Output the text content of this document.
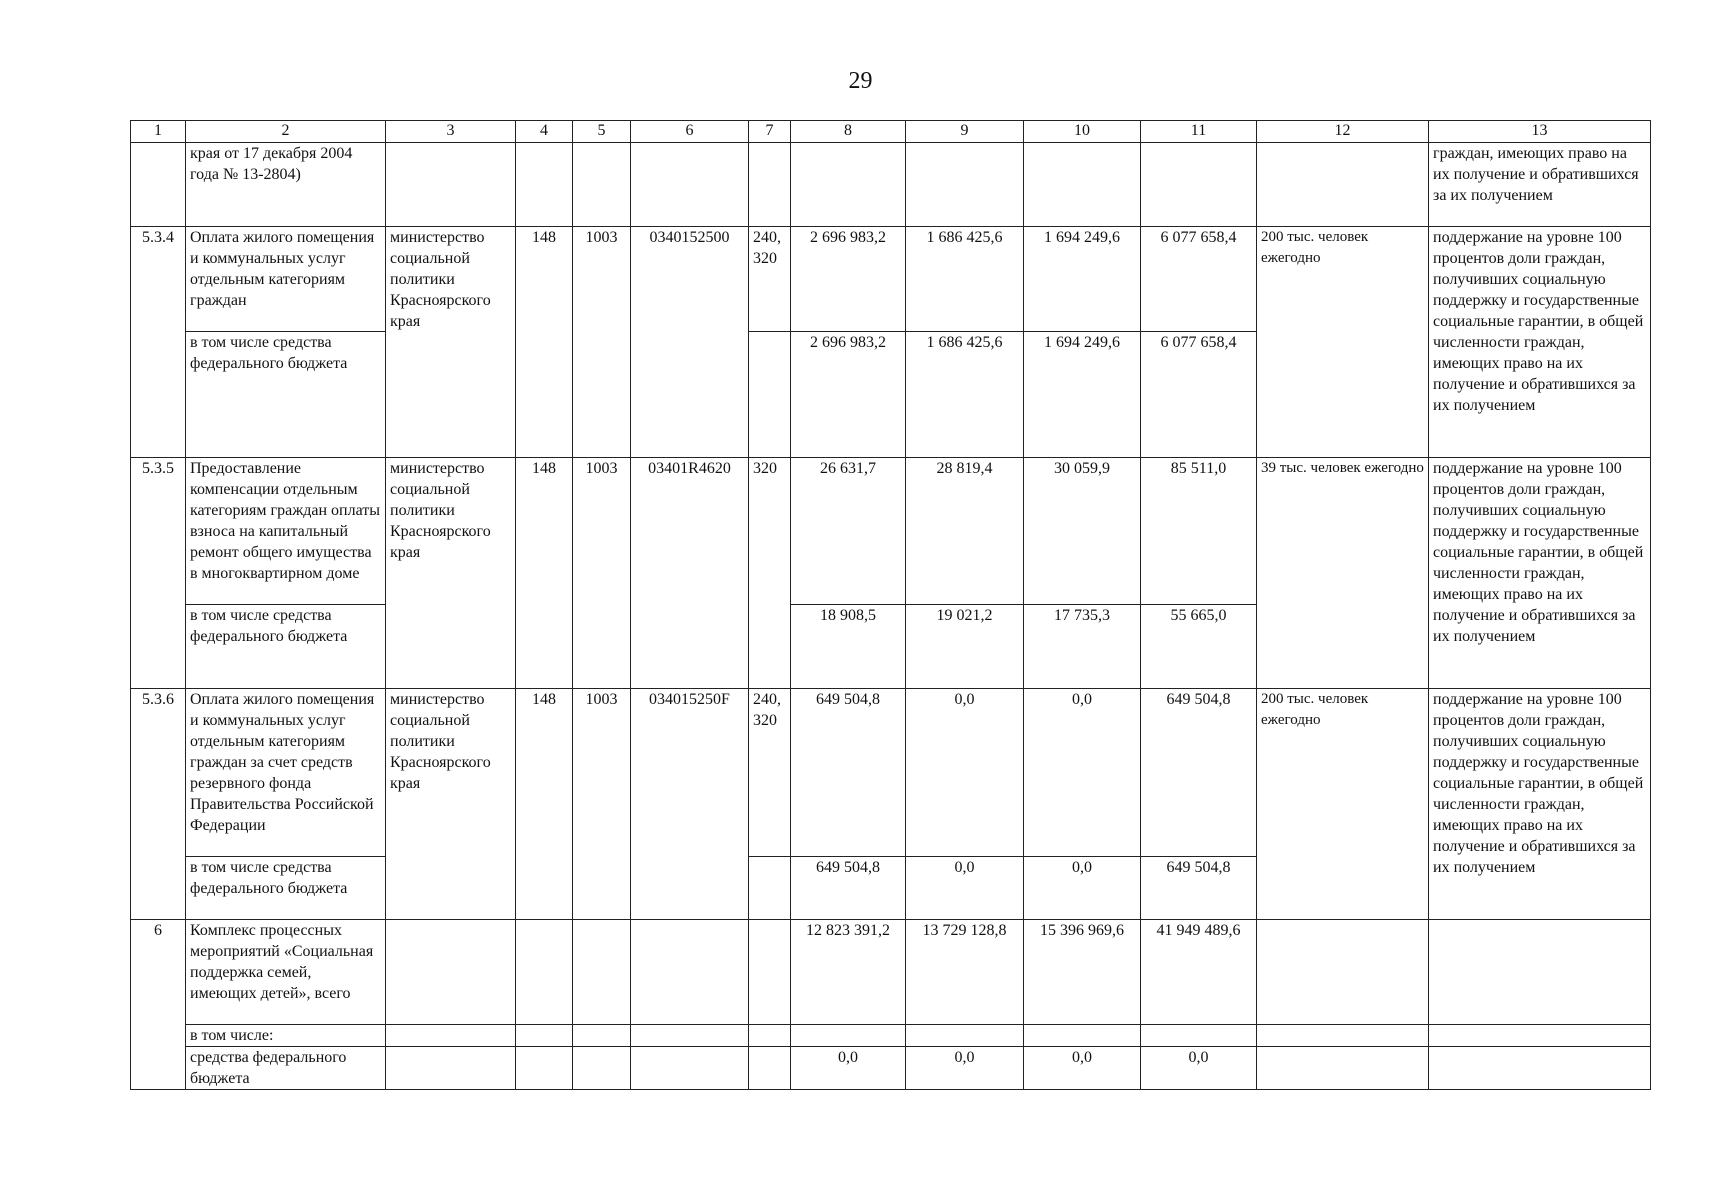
29
1	2	3	4	5	6	7	8	9	10	11	12	13
	края от 17 декабря 2004 года № 13-2804)											граждан, имеющих право на их получение и обратившихся за их получением
5.3.4	Оплата жилого помещения и коммунальных услуг отдельным категориям граждан	министерство социальной политики Красноярского края	148	1003	0340152500	240, 320	2 696 983,2	1 686 425,6	1 694 249,6	6 077 658,4	200 тыс. человек ежегодно	поддержание на уровне 100 процентов доли граждан, получивших социальную поддержку и государственные социальные гарантии, в общей численности граждан, имеющих право на их получение и обратившихся за их получением
	в том числе средства федерального бюджета						2 696 983,2	1 686 425,6	1 694 249,6	6 077 658,4		
5.3.5	Предоставление компенсации отдельным категориям граждан оплаты взноса на капитальный ремонт общего имущества в многоквартирном доме	министерство социальной политики Красноярского края	148	1003	03401R4620	320	26 631,7	28 819,4	30 059,9	85 511,0	39 тыс. человек ежегодно	поддержание на уровне 100 процентов доли граждан, получивших социальную поддержку и государственные социальные гарантии, в общей численности граждан, имеющих право на их получение и обратившихся за их получением
	в том числе средства федерального бюджета						18 908,5	19 021,2	17 735,3	55 665,0		
5.3.6	Оплата жилого помещения и коммунальных услуг отдельным категориям граждан за счет средств резервного фонда Правительства Российской Федерации	министерство социальной политики Красноярского края	148	1003	034015250F	240, 320	649 504,8	0,0	0,0	649 504,8	200 тыс. человек ежегодно	поддержание на уровне 100 процентов доли граждан, получивших социальную поддержку и государственные социальные гарантии, в общей численности граждан, имеющих право на их получение и обратившихся за их получением
	в том числе средства федерального бюджета						649 504,8	0,0	0,0	649 504,8		
6	Комплекс процессных мероприятий «Социальная поддержка семей, имеющих детей», всего						12 823 391,2	13 729 128,8	15 396 969,6	41 949 489,6		
	в том числе:											
	средства федерального бюджета						0,0	0,0	0,0	0,0		
